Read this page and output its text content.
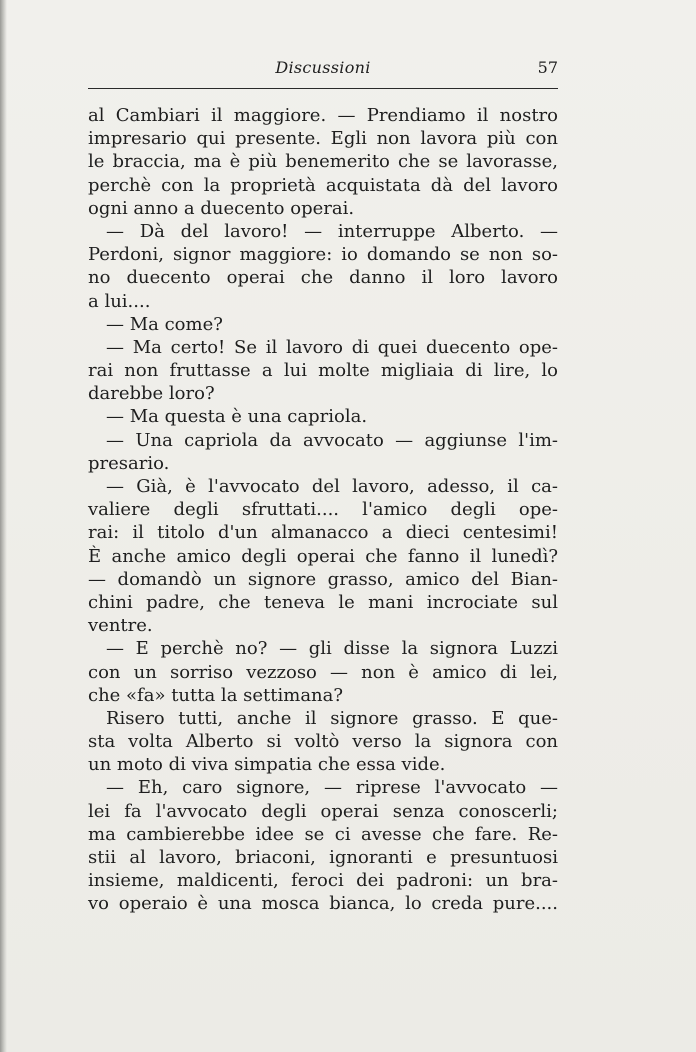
Discussioni	57
al Cambiari il maggiore. — Prendiamo il nostro
impresario qui presente. Egli non lavora più con
le braccia, ma è più benemerito che se lavorasse,
perchè con la proprietà acquistata dà del lavoro
ogni anno a duecento operai.
— Dà del lavoro! — interruppe Alberto. —
Perdoni, signor maggiore: io domando se non so-
no duecento operai che danno il loro lavoro
a lui....
— Ma come?
— Ma certo! Se il lavoro di quei duecento ope-
rai non fruttasse a lui molte migliaia di lire, lo
darebbe loro?
— Ma questa è una capriola.
— Una capriola da avvocato — aggiunse l'im-
presario.
— Già, è l'avvocato del lavoro, adesso, il ca-
valiere degli sfruttati.... l'amico degli ope-
rai: il titolo d'un almanacco a dieci centesimi!
È anche amico degli operai che fanno il lunedì?
— domandò un signore grasso, amico del Bian-
chini padre, che teneva le mani incrociate sul
ventre.
— E perchè no? — gli disse la signora Luzzi
con un sorriso vezzoso — non è amico di lei,
che «fa» tutta la settimana?
Risero tutti, anche il signore grasso. E que-
sta volta Alberto si voltò verso la signora con
un moto di viva simpatia che essa vide.
— Eh, caro signore, — riprese l'avvocato —
lei fa l'avvocato degli operai senza conoscerli;
ma cambierebbe idee se ci avesse che fare. Re-
stii al lavoro, briaconi, ignoranti e presuntuosi
insieme, maldicenti, feroci dei padroni: un bra-
vo operaio è una mosca bianca, lo creda pure....
